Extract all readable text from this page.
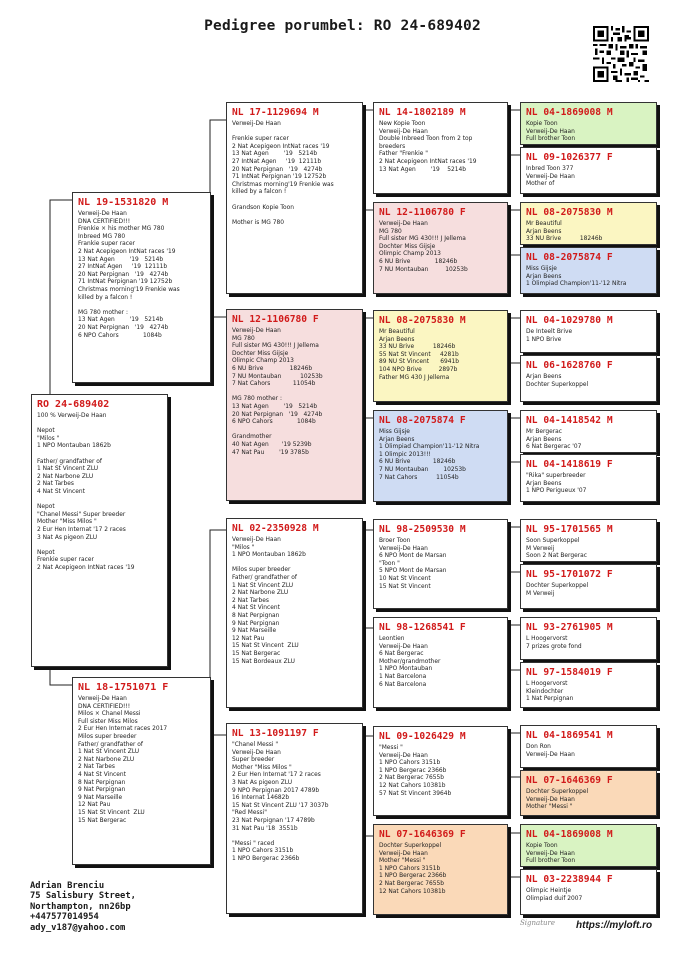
Pedigree porumbel: RO 24-689402
RO 24-689402
100 % Verweij-De Haan

Nepot
"Milos "
1 NPO Montauban 1862b

Father/ grandfather of
1 Nat St Vincent ZLU
2 Nat Narbone ZLU
2 Nat Tarbes
4 Nat St Vincent

Nepot
"Chanel Messi" Super breeder
Mother "Miss Milos "
2 Eur Hen Internat '17 2 races
3 Nat As pigeon ZLU

Nepot
Frenkie super racer
2 Nat Acepigeon IntNat races '19
NL 19-1531820 M
Verweij-De Haan
DNA CERTIFIED!!!
Frenkie × his mother MG 780
Inbreed MG 780
Frankie super racer
2 Nat Acepigeon IntNat races '19
13 Nat Agen        '19   5214b
27 IntNat Agen     '19  12111b
20 Nat Perpignan   '19   4274b
71 IntNat Perpignan '19 12752b
Christmas morning'19 Frenkie was
killed by a falcon !

MG 780 mother :
13 Nat Agen        '19   5214b
20 Nat Perpignan   '19   4274b
6 NPO Cahors             1084b
NL 18-1751071 F
Verweij-De Haan
DNA CERTIFIED!!!
Milos × Chanel Messi
Full sister Miss Milos
2 Eur Hen Internat races 2017
Milos super breeder
Father/ grandfather of
1 Nat St Vincent ZLU
2 Nat Narbone ZLU
2 Nat Tarbes
4 Nat St Vincent
8 Nat Perpignan
9 Nat Perpignan
9 Nat Marseille
12 Nat Pau
15 Nat St Vincent  ZLU
15 Nat Bergerac
NL 17-1129694 M
Verweij-De Haan

Frenkie super racer
2 Nat Acepigeon IntNat races '19
13 Nat Agen        '19   5214b
27 IntNat Agen     '19  12111b
20 Nat Perpignan   '19   4274b
71 IntNat Perpignan '19 12752b
Christmas morning'19 Frenkie was
killed by a falcon !

Grandson Kopie Toon

Mother is MG 780
NL 12-1106780 F
Verweij-De Haan
MG 780
Full sister MG 430!!! J Jellema
Dochter Miss Gijsje
Olimpic Champ 2013
6 NU Brive              18246b
7 NU Montauban          10253b
7 Nat Cahors            11054b

MG 780 mother :
13 Nat Agen        '19   5214b
20 Nat Perpignan   '19   4274b
6 NPO Cahors             1084b

Grandmother
40 Nat Agen       '19 5239b
47 Nat Pau        '19 3785b
NL 02-2350928 M
Verweij-De Haan
"Milos "
1 NPO Montauban 1862b

Milos super breeder
Father/ grandfather of
1 Nat St Vincent ZLU
2 Nat Narbone ZLU
2 Nat Tarbes
4 Nat St Vincent
8 Nat Perpignan
9 Nat Perpignan
9 Nat Marseille
12 Nat Pau
15 Nat St Vincent  ZLU
15 Nat Bergerac
15 Nat Bordeaux ZLU
NL 13-1091197 F
"Chanel Messi "
Verweij-De Haan
Super breeder
Mother "Miss Milos "
2 Eur Hen Internat '17 2 races
3 Nat As pigeon ZLU
9 NPO Perpignan 2017 4789b
16 Internat 14682b
15 Nat St Vincent ZLU '17 3037b
"Red Messi"
23 Nat Perpignan '17 4789b
31 Nat Pau '18  3551b

"Messi " raced
1 NPO Cahors 3151b
1 NPO Bergerac 2366b
NL 14-1802189 M
New Kopie Toon
Verweij-De Haan
Double Inbreed Toon from 2 top
breeders
Father "Frenkie "
2 Nat Acepigeon IntNat races '19
13 Nat Agen        '19    5214b
NL 12-1106780 F
Verweij-De Haan
MG 780
Full sister MG 430!!! J Jellema
Dochter Miss Gijsje
Olimpic Champ 2013
6 NU Brive             18246b
7 NU Montauban         10253b
NL 08-2075830 M
Mr Beautiful
Arjan Beens
33 NU Brive          18246b
55 Nat St Vincent     4281b
89 NU St Vincent      6941b
104 NPO Brive         2897b
Father MG 430 J Jellema
NL 08-2075874 F
Miss Gijsje
Arjan Beens
1 Olimpiad Champion'11-'12 Nitra
1 Olimpic 2013!!!
6 NU Brive            18246b
7 NU Montauban        10253b
7 Nat Cahors          11054b
NL 98-2509530 M
Broer Toon
Verweij-De Haan
6 NPO Mont de Marsan
"Toon "
5 NPO Mont de Marsan
10 Nat St Vincent
15 Nat St Vincent
NL 98-1268541 F
Leontien
Verweij-De Haan
6 Nat Bergerac
Mother/grandmother
1 NPO Montauban
1 Nat Barcelona
6 Nat Barcelona
NL 09-1026429 M
"Messi "
Verweij-De Haan
1 NPO Cahors 3151b
1 NPO Bergerac 2366b
2 Nat Bergerac 7655b
12 Nat Cahors 10381b
57 Nat St Vincent 3964b
NL 07-1646369 F
Dochter Superkoppel
Verweij-De Haan
Mother "Messi "
1 NPO Cahors 3151b
1 NPO Bergerac 2366b
2 Nat Bergerac 7655b
12 Nat Cahors 10381b
NL 04-1869008 M
Kopie Toon
Verweij-De Haan
Full brother Toon
NL 09-1026377 F
Inbred Toon 377
Verweij-De Haan
Mother of
NL 08-2075830 M
Mr Beautiful
Arjan Beens
33 NU Brive          18246b
NL 08-2075874 F
Miss Gijsje
Arjan Beens
1 Olimpiad Champion'11-'12 Nitra
NL 04-1029780 M
De Inteelt Brive
1 NPO Brive
NL 06-1628760 F
Arjan Beens
Dochter Superkoppel
NL 04-1418542 M
Mr Bergerac
Arjan Beens
6 Nat Bergerac '07
NL 04-1418619 F
"Rika" superbreeder
Arjan Beens
1 NPO Perigueux '07
NL 95-1701565 M
Soon Superkoppel
M Verweij
Soon 2 Nat Bergerac
NL 95-1701072 F
Dochter Superkoppel
M Verweij
NL 93-2761905 M
L Hoogervorst
7 prizes grote fond
NL 97-1584019 F
L Hoogervorst
Kleindochter
1 Nat Perpignan
NL 04-1869541 M
Don Ron
Verweij-De Haan
NL 07-1646369 F
Dochter Superkoppel
Verweij-De Haan
Mother "Messi "
NL 04-1869008 M
Kopie Toon
Verweij-De Haan
Full brother Toon
NL 03-2238944 F
Olimpic Heintje
Olimpiad duif 2007
Adrian Brenciu
75 Salisbury Street,
Northampton, nn26bp
+447577014954
ady_v187@yahoo.com	Signature https://myloft.ro
